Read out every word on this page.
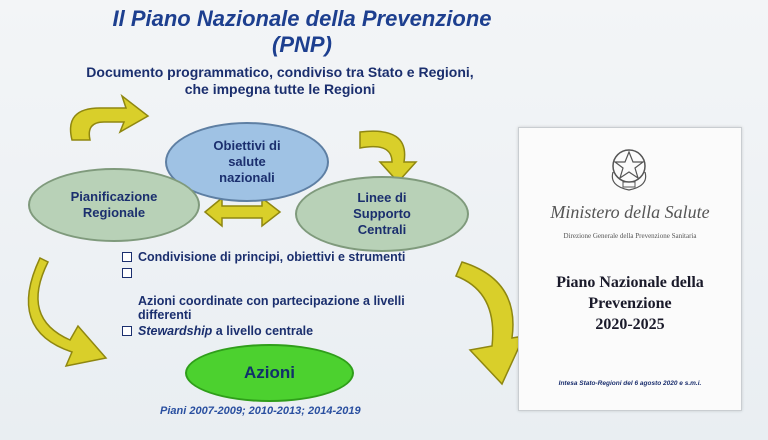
Il Piano Nazionale della Prevenzione
(PNP)
Documento programmatico, condiviso tra Stato e Regioni,
che impegna tutte le Regioni
Obiettivi di
salute
nazionali
Pianificazione
Regionale
Linee di
Supporto
Centrali
Azioni
Condivisione di principi, obiettivi e strumenti

Azioni coordinate con partecipazione a livelli
differenti

Stewardship a livello centrale
Piani 2007-2009; 2010-2013; 2014-2019
Ministero della Salute
Direzione Generale della Prevenzione Sanitaria
Piano Nazionale della
Prevenzione
2020-2025
Intesa Stato-Regioni del 6 agosto 2020 e s.m.i.
